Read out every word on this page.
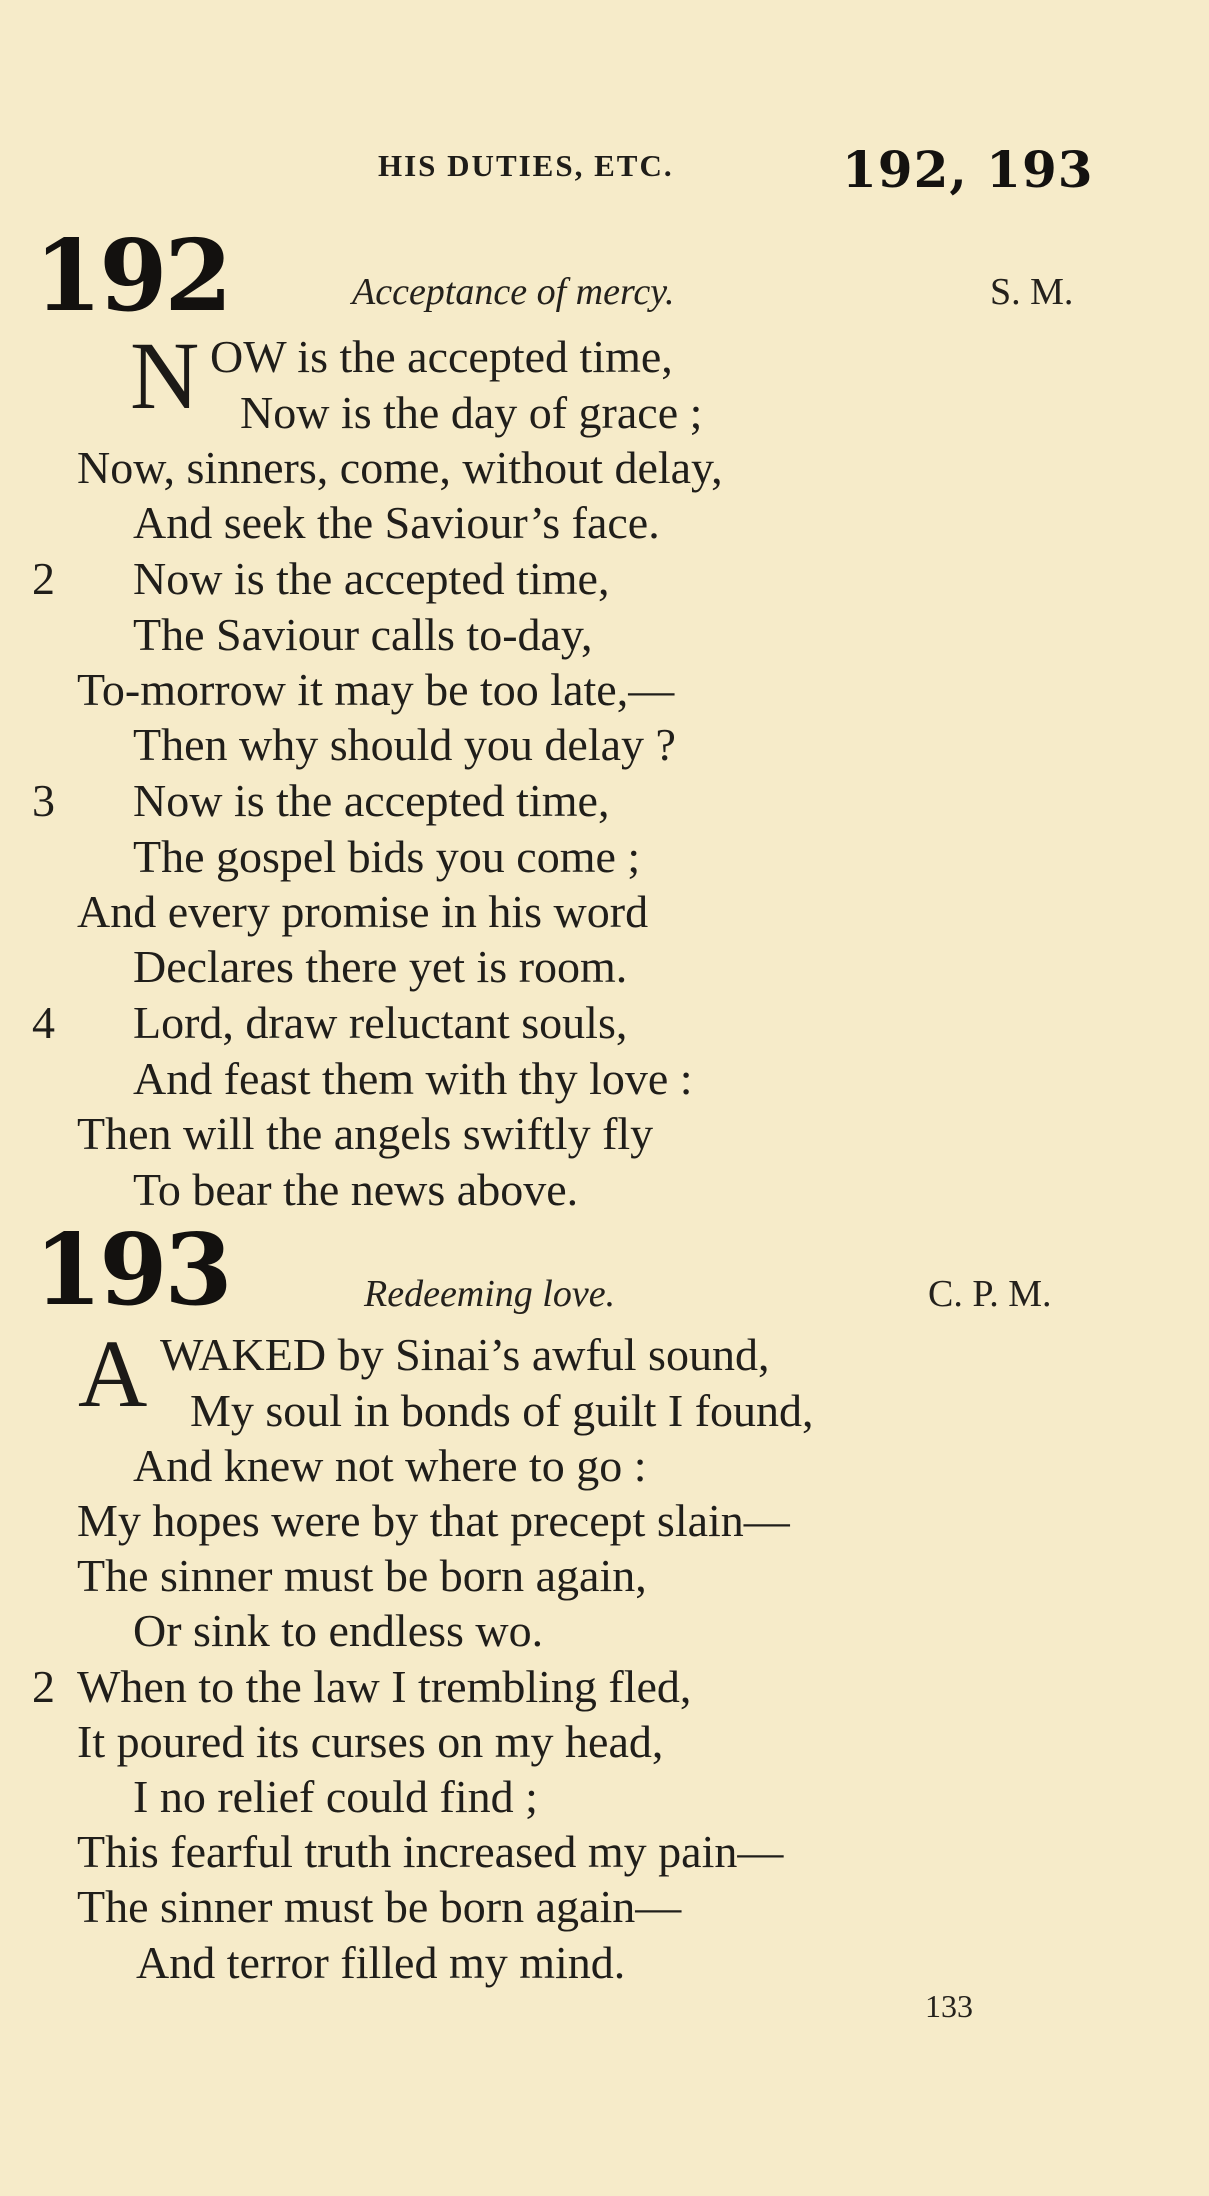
HIS DUTIES, ETC.	192, 193
192	Acceptance of mercy.	S. M.
N OW is the accepted time,
Now is the day of grace ;
Now, sinners, come, without delay,
And seek the Saviour’s face.
2 Now is the accepted time,
The Saviour calls to-day,
To-morrow it may be too late,—
Then why should you delay ?
3 Now is the accepted time,
The gospel bids you come ;
And every promise in his word
Declares there yet is room.
4 Lord, draw reluctant souls,
And feast them with thy love :
Then will the angels swiftly fly
To bear the news above.
193	Redeeming love.	C. P. M.
A WAKED by Sinai’s awful sound,
My soul in bonds of guilt I found,
And knew not where to go :
My hopes were by that precept slain—
The sinner must be born again,
Or sink to endless wo.
2 When to the law I trembling fled,
It poured its curses on my head,
I no relief could find ;
This fearful truth increased my pain—
The sinner must be born again—
And terror filled my mind.
133
